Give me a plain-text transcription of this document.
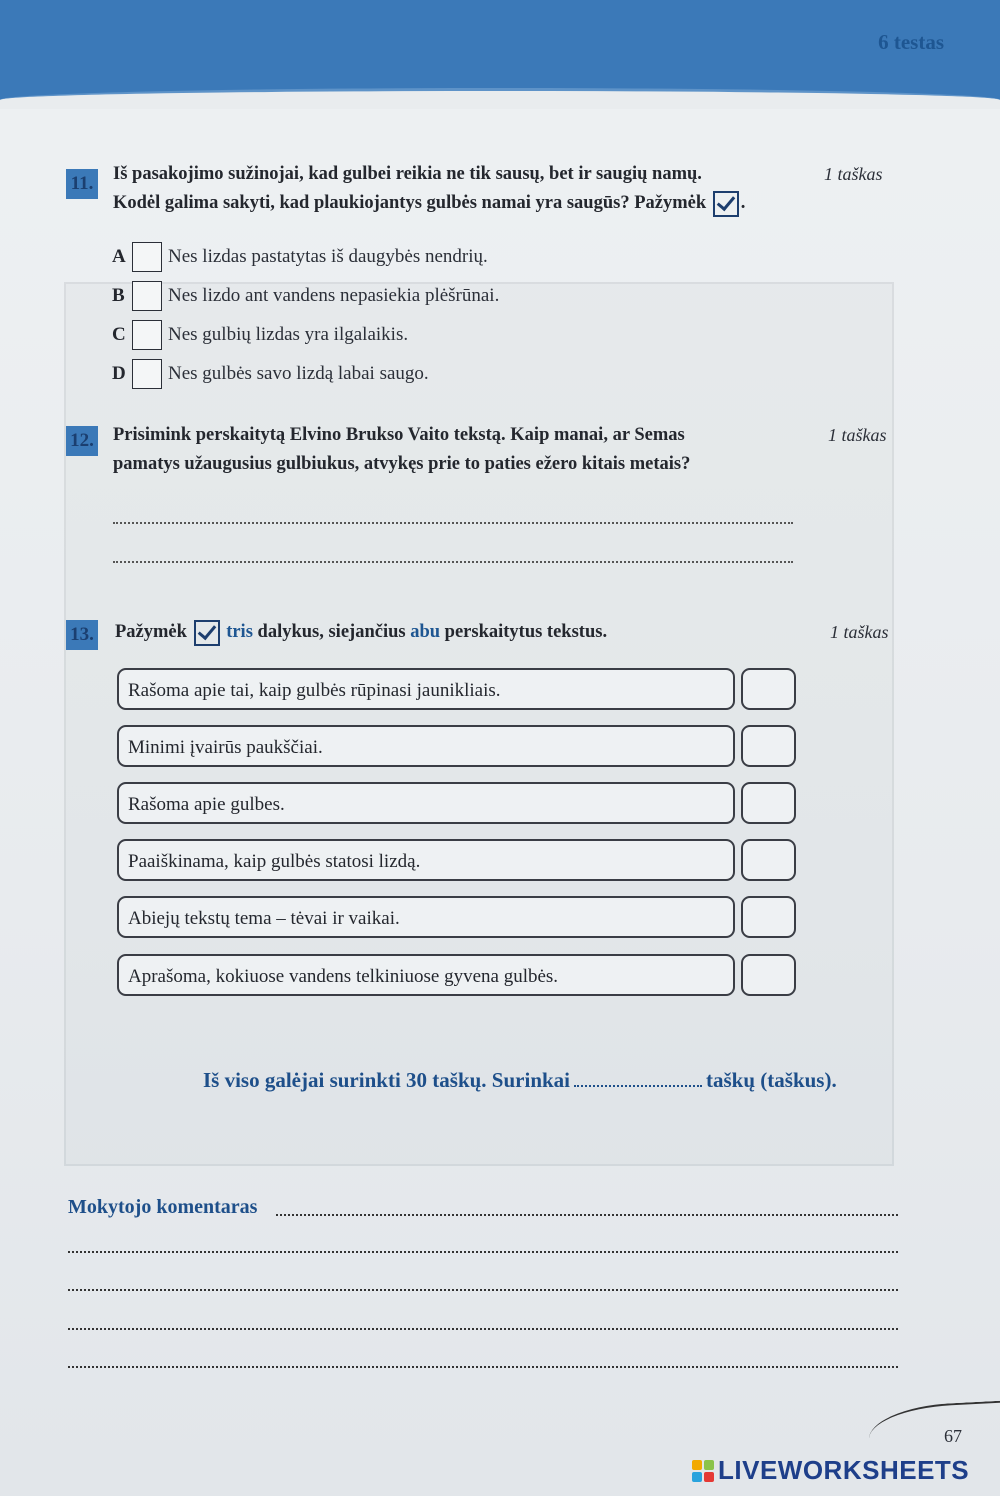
6 testas
11. Iš pasakojimo sužinojai, kad gulbei reikia ne tik sausų, bet ir saugių namų.
Kodėl galima sakyti, kad plaukiojantys gulbės namai yra saugūs? Pažymėk .
1 taškas
A	Nes lizdas pastatytas iš daugybės nendrių.
B	Nes lizdo ant vandens nepasiekia plėšrūnai.
C	Nes gulbių lizdas yra ilgalaikis.
D	Nes gulbės savo lizdą labai saugo.
12. Prisimink perskaitytą Elvino Brukso Vaito tekstą. Kaip manai, ar Semas
pamatys užaugusius gulbiukus, atvykęs prie to paties ežero kitais metais?
1 taškas
13. Pažymėk tris dalykus, siejančius abu perskaitytus tekstus.	1 taškas
Rašoma apie tai, kaip gulbės rūpinasi jaunikliais.
Minimi įvairūs paukščiai.
Rašoma apie gulbes.
Paaiškinama, kaip gulbės statosi lizdą.
Abiejų tekstų tema – tėvai ir vaikai.
Aprašoma, kokiuose vandens telkiniuose gyvena gulbės.
Iš viso galėjai surinkti 30 taškų. Surinkai	taškų (taškus).
Mokytojo komentaras
67
LIVEWORKSHEETS
